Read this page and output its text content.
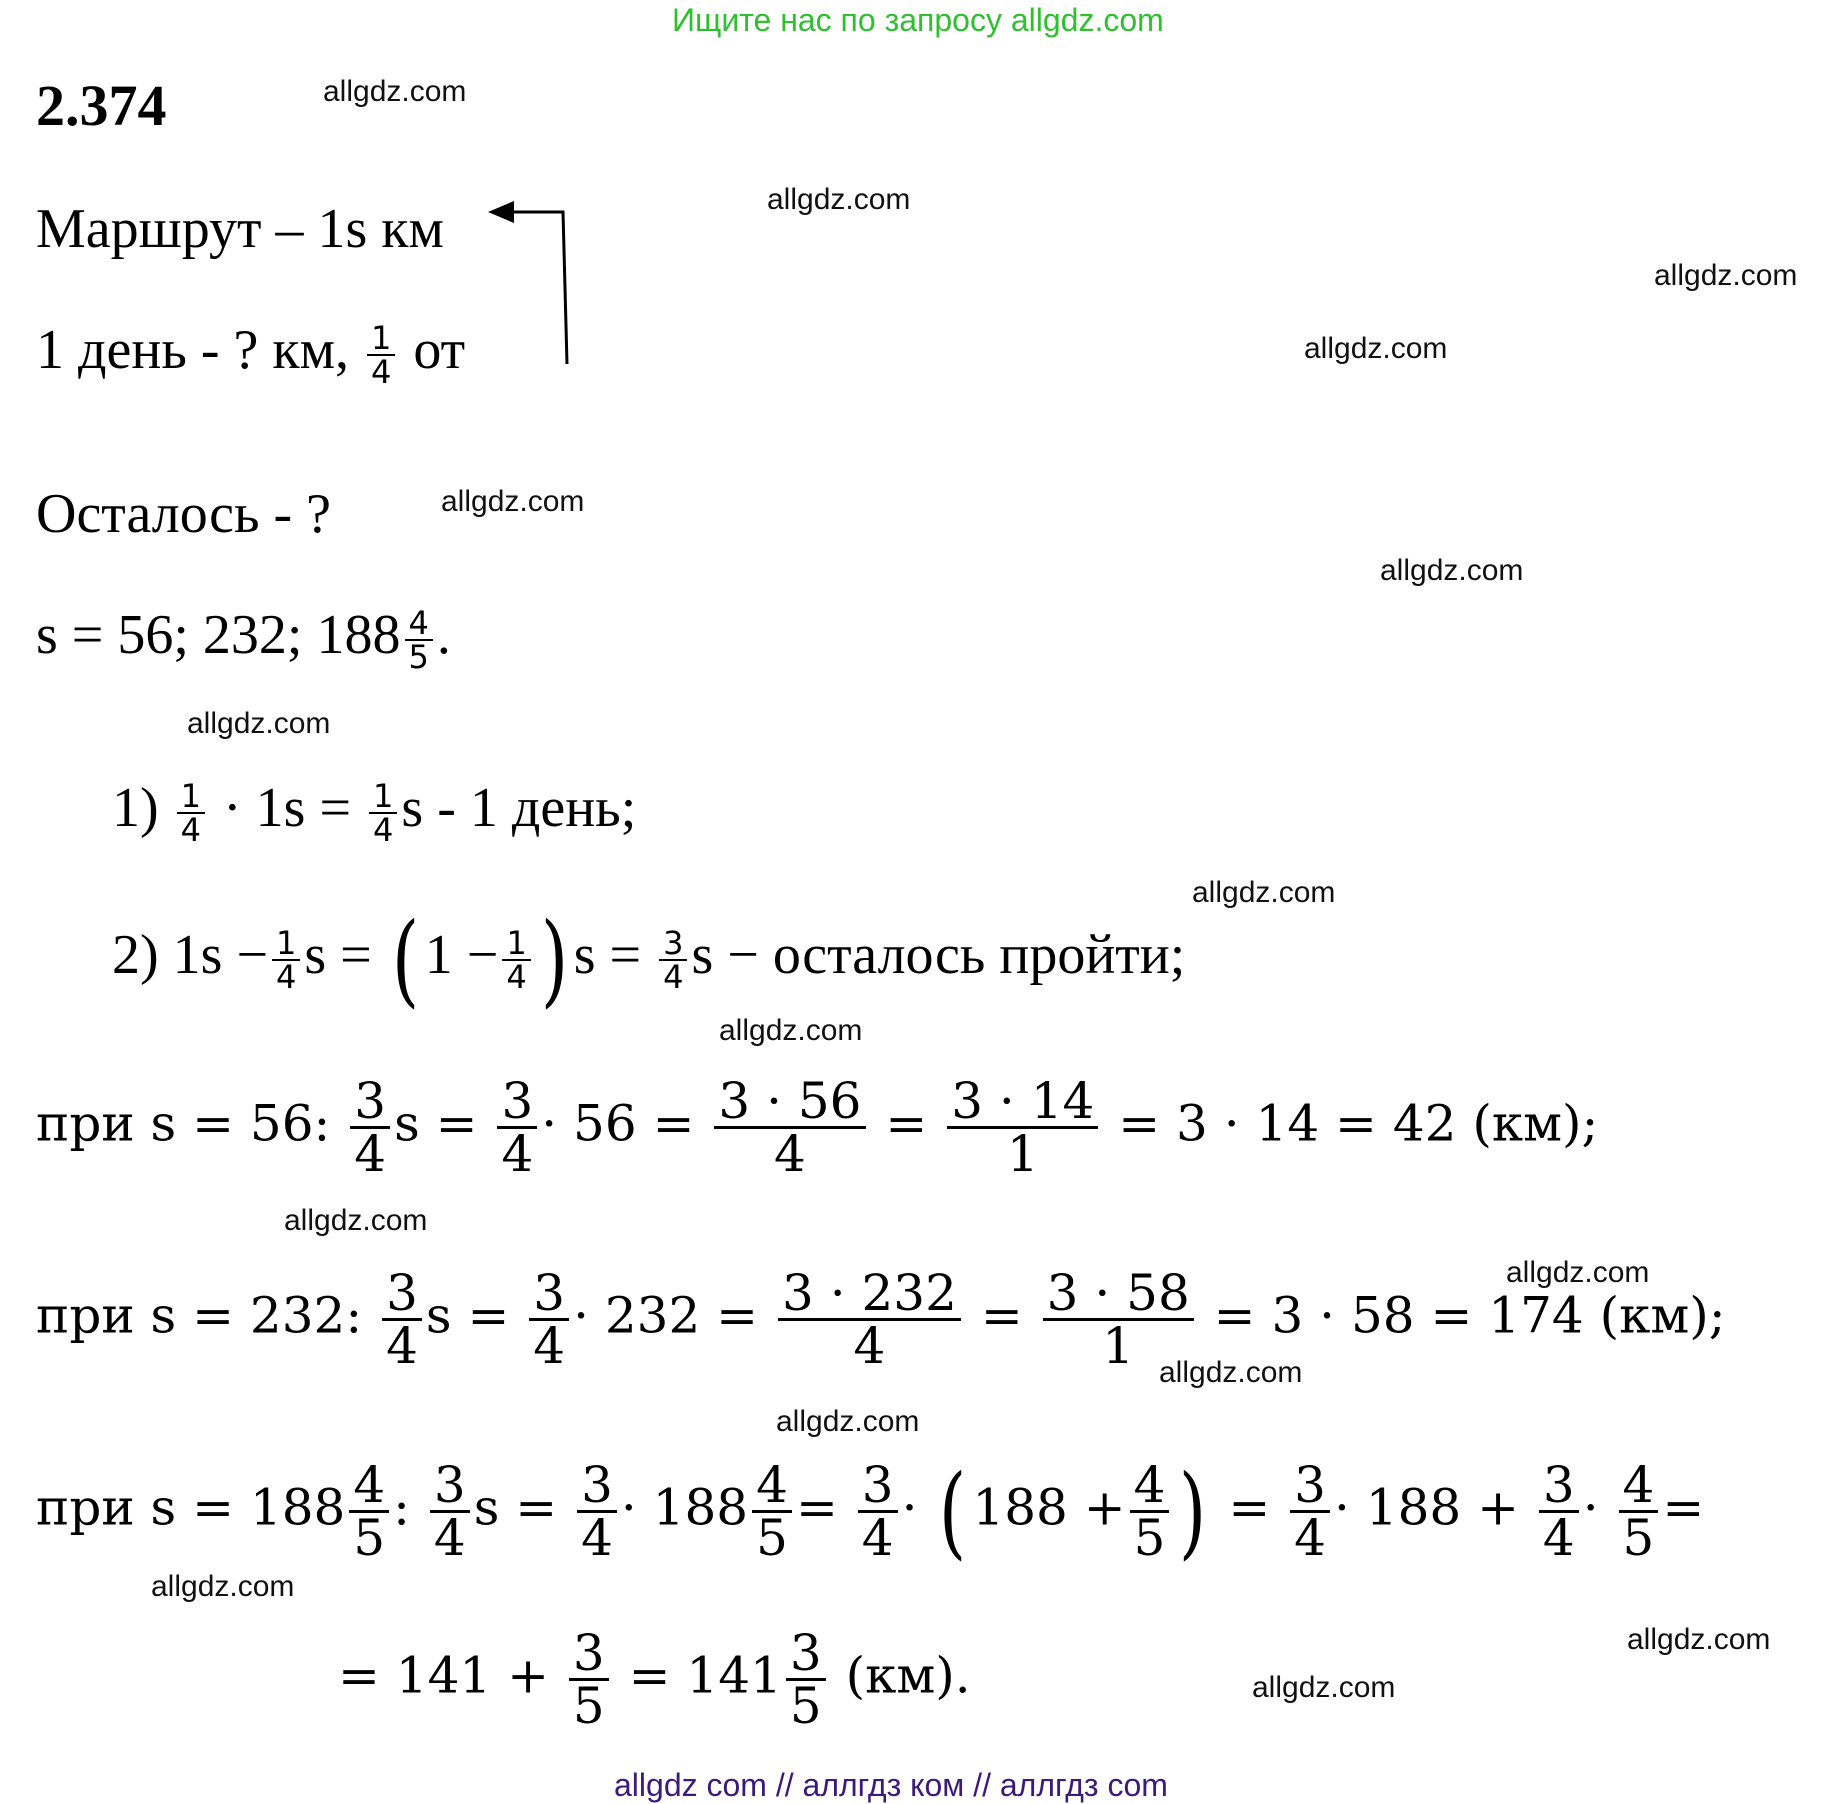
Ищите нас по запросу allgdz.com
2.374
Маршрут – 1s км
1 день - ? км, $\frac{1}{4}$ от
Осталось - ?
s = 56; 232; $188 \frac{4}{5}$ .
$1) \frac{1}{4} \cdot 1s = \frac{1}{4}$ s - 1 день;
2) $1s - \frac{1}{4}$ s = ( $1 - \frac{1}{4}$ ) $s = \frac{3}{4}$ s − осталось пройти;
при s = 56: $\frac{3}{4}$ $s = \frac{3}{4} \cdot 56 = \frac{3 \cdot 56}{4} = \frac{3 \cdot 14}{1} = 3 \cdot 14 = 42$ (км);
при s = 232: $\frac{3}{4}$ $s = \frac{3}{4} \cdot 232 = \frac{3 \cdot 232}{4} = \frac{3 \cdot 58}{1} = 3 \cdot 58 = 174$ (км);
при $s = 188 \frac{4}{5}$ : $\frac{3}{4}$ $s = \frac{3}{4} \cdot 188 \frac{4}{5} = \frac{3}{4}$ · ( $188 + \frac{4}{5}$ ) = $\frac{3}{4} \cdot 188 + \frac{3}{4} \cdot \frac{4}{5}$ =
= $141 + \frac{3}{5} = 141 \frac{3}{5} (км)$.
allgdz.com
allgdz.com
allgdz.com
allgdz.com
allgdz.com
allgdz.com
allgdz.com
allgdz.com
allgdz.com
allgdz.com
allgdz.com
allgdz.com
allgdz.com
allgdz.com
allgdz.com
allgdz.com
allgdz com // аллгдз ком // аллгдз com
